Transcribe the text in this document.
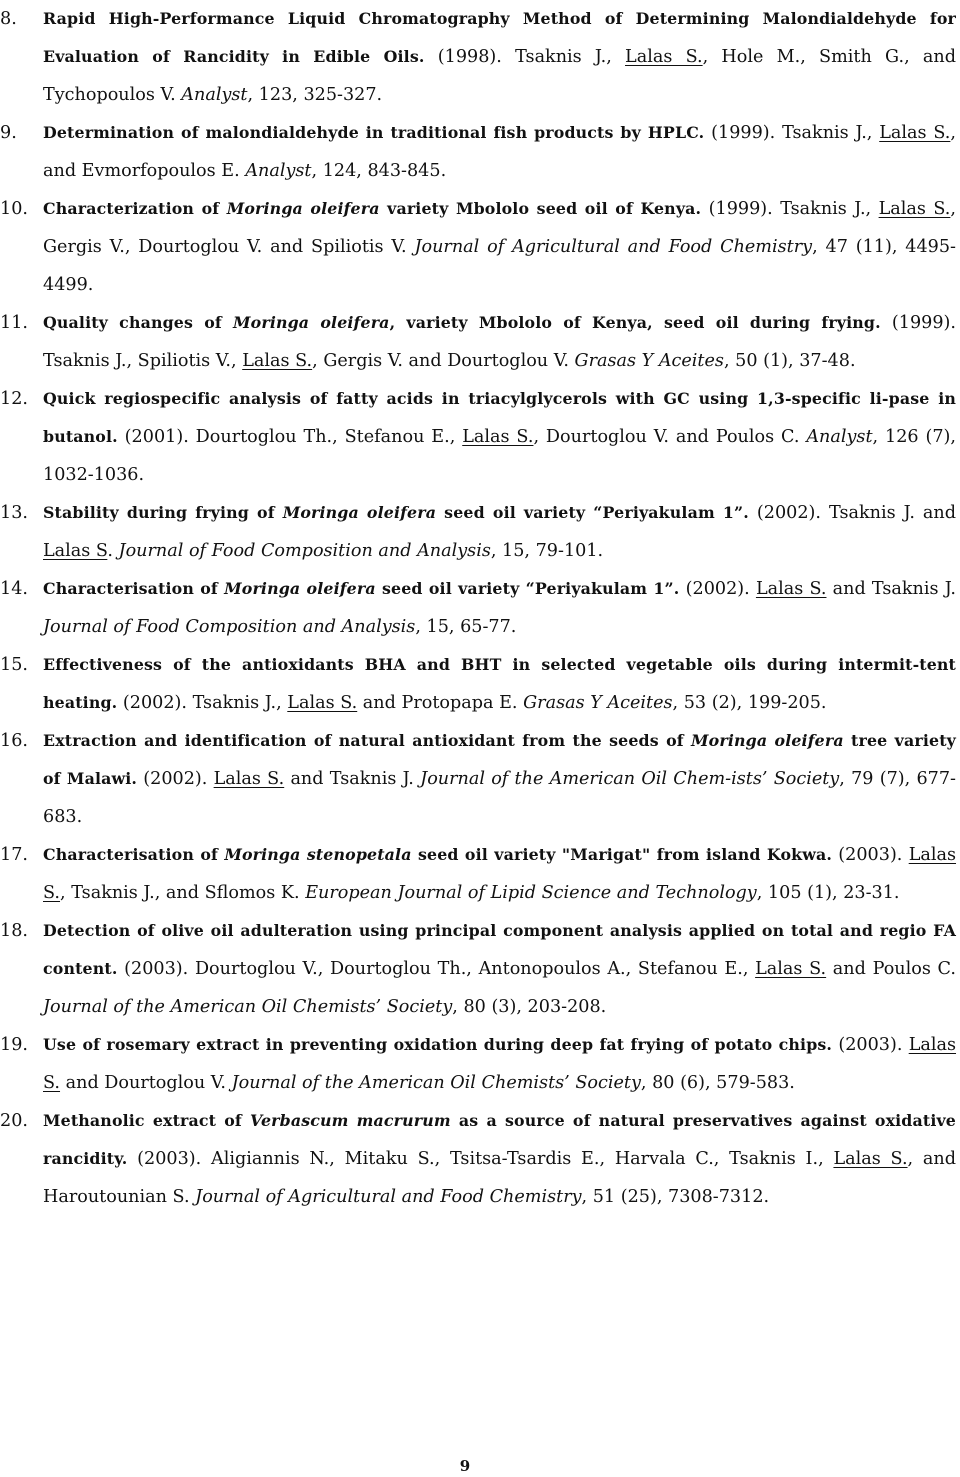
8. Rapid High-Performance Liquid Chromatography Method of Determining Malondialdehyde for Evaluation of Rancidity in Edible Oils. (1998). Tsaknis J., Lalas S., Hole M., Smith G., and Tychopoulos V. Analyst, 123, 325-327.
9. Determination of malondialdehyde in traditional fish products by HPLC. (1999). Tsaknis J., Lalas S., and Evmorfopoulos E. Analyst, 124, 843-845.
10. Characterization of Moringa oleifera variety Mbololo seed oil of Kenya. (1999). Tsaknis J., Lalas S., Gergis V., Dourtoglou V. and Spiliotis V. Journal of Agricultural and Food Chemistry, 47 (11), 4495-4499.
11. Quality changes of Moringa oleifera, variety Mbololo of Kenya, seed oil during frying. (1999). Tsaknis J., Spiliotis V., Lalas S., Gergis V. and Dourtoglou V. Grasas Y Aceites, 50 (1), 37-48.
12. Quick regiospecific analysis of fatty acids in triacylglycerols with GC using 1,3-specific li-pase in butanol. (2001). Dourtoglou Th., Stefanou E., Lalas S., Dourtoglou V. and Poulos C. Analyst, 126 (7), 1032-1036.
13. Stability during frying of Moringa oleifera seed oil variety “Periyakulam 1”. (2002). Tsaknis J. and Lalas S. Journal of Food Composition and Analysis, 15, 79-101.
14. Characterisation of Moringa oleifera seed oil variety “Periyakulam 1”. (2002). Lalas S. and Tsaknis J. Journal of Food Composition and Analysis, 15, 65-77.
15. Effectiveness of the antioxidants BHA and BHT in selected vegetable oils during intermit-tent heating. (2002). Tsaknis J., Lalas S. and Protopapa E. Grasas Y Aceites, 53 (2), 199-205.
16. Extraction and identification of natural antioxidant from the seeds of Moringa oleifera tree variety of Malawi. (2002). Lalas S. and Tsaknis J. Journal of the American Oil Chem-ists’ Society, 79 (7), 677-683.
17. Characterisation of Moringa stenopetala seed oil variety "Marigat" from island Kokwa. (2003). Lalas S., Tsaknis J., and Sflomos K. European Journal of Lipid Science and Technology, 105 (1), 23-31.
18. Detection of olive oil adulteration using principal component analysis applied on total and regio FA content. (2003). Dourtoglou V., Dourtoglou Th., Antonopoulos A., Stefanou E., Lalas S. and Poulos C. Journal of the American Oil Chemists’ Society, 80 (3), 203-208.
19. Use of rosemary extract in preventing oxidation during deep fat frying of potato chips. (2003). Lalas S. and Dourtoglou V. Journal of the American Oil Chemists’ Society, 80 (6), 579-583.
20. Methanolic extract of Verbascum macrurum as a source of natural preservatives against oxidative rancidity. (2003). Aligiannis N., Mitaku S., Tsitsa-Tsardis E., Harvala C., Tsaknis I., Lalas S., and Haroutounian S. Journal of Agricultural and Food Chemistry, 51 (25), 7308-7312.
9
